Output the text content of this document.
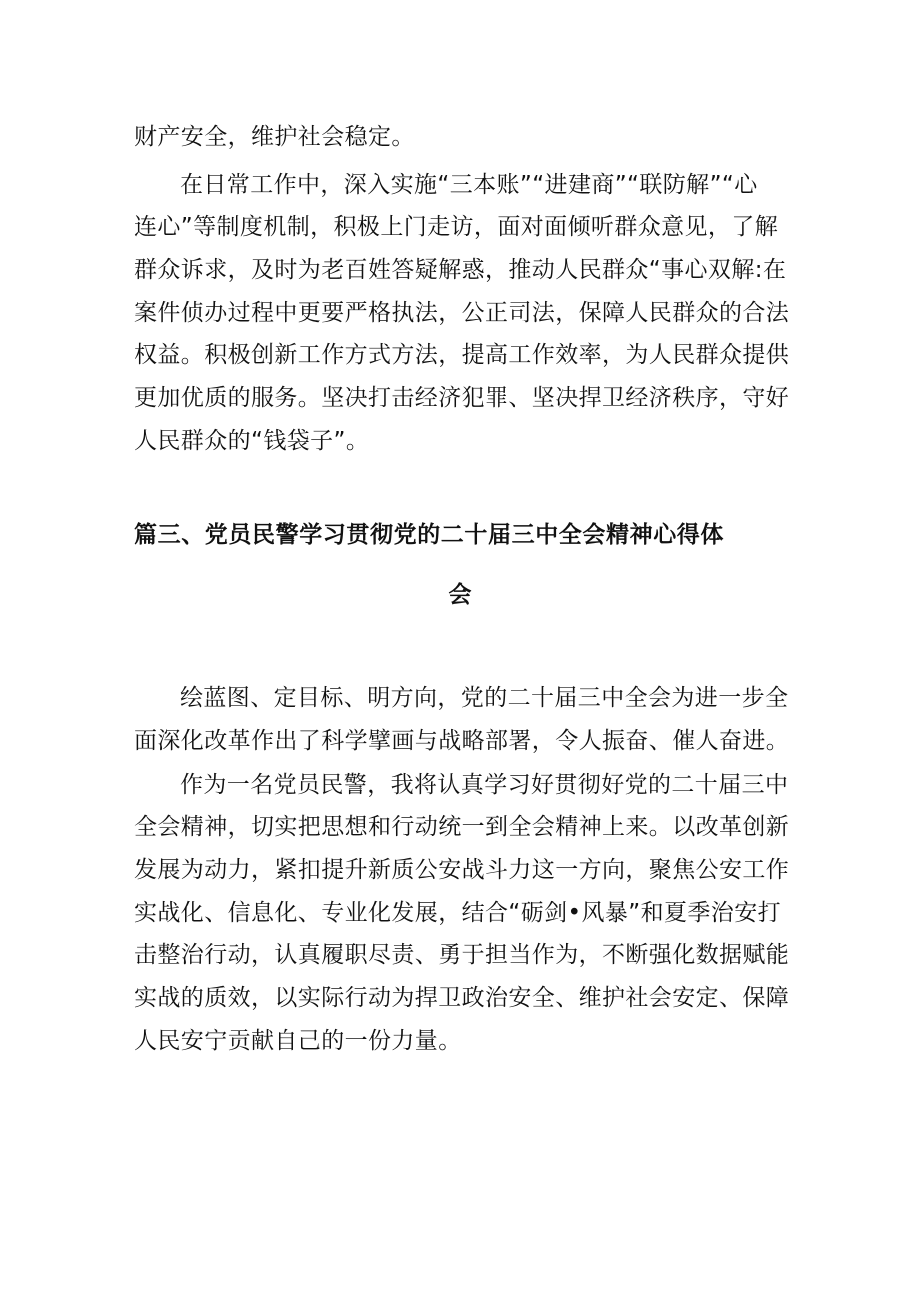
财产安全，维护社会稳定。
在日常工作中，深入实施“三本账”“进建商”“联防解”“心
连心”等制度机制，积极上门走访，面对面倾听群众意见，了解
群众诉求，及时为老百姓答疑解惑，推动人民群众“事心双解:在
案件侦办过程中更要严格执法，公正司法，保障人民群众的合法
权益。积极创新工作方式方法，提高工作效率，为人民群众提供
更加优质的服务。坚决打击经济犯罪、坚决捍卫经济秩序，守好
人民群众的“钱袋子”。
篇三、党员民警学习贯彻党的二十届三中全会精神心得体
会
绘蓝图、定目标、明方向，党的二十届三中全会为进一步全
面深化改革作出了科学擘画与战略部署，令人振奋、催人奋进。
作为一名党员民警，我将认真学习好贯彻好党的二十届三中
全会精神，切实把思想和行动统一到全会精神上来。以改革创新
发展为动力，紧扣提升新质公安战斗力这一方向，聚焦公安工作
实战化、信息化、专业化发展，结合“砺剑•风暴”和夏季治安打
击整治行动，认真履职尽责、勇于担当作为，不断强化数据赋能
实战的质效，以实际行动为捍卫政治安全、维护社会安定、保障
人民安宁贡献自己的一份力量。
